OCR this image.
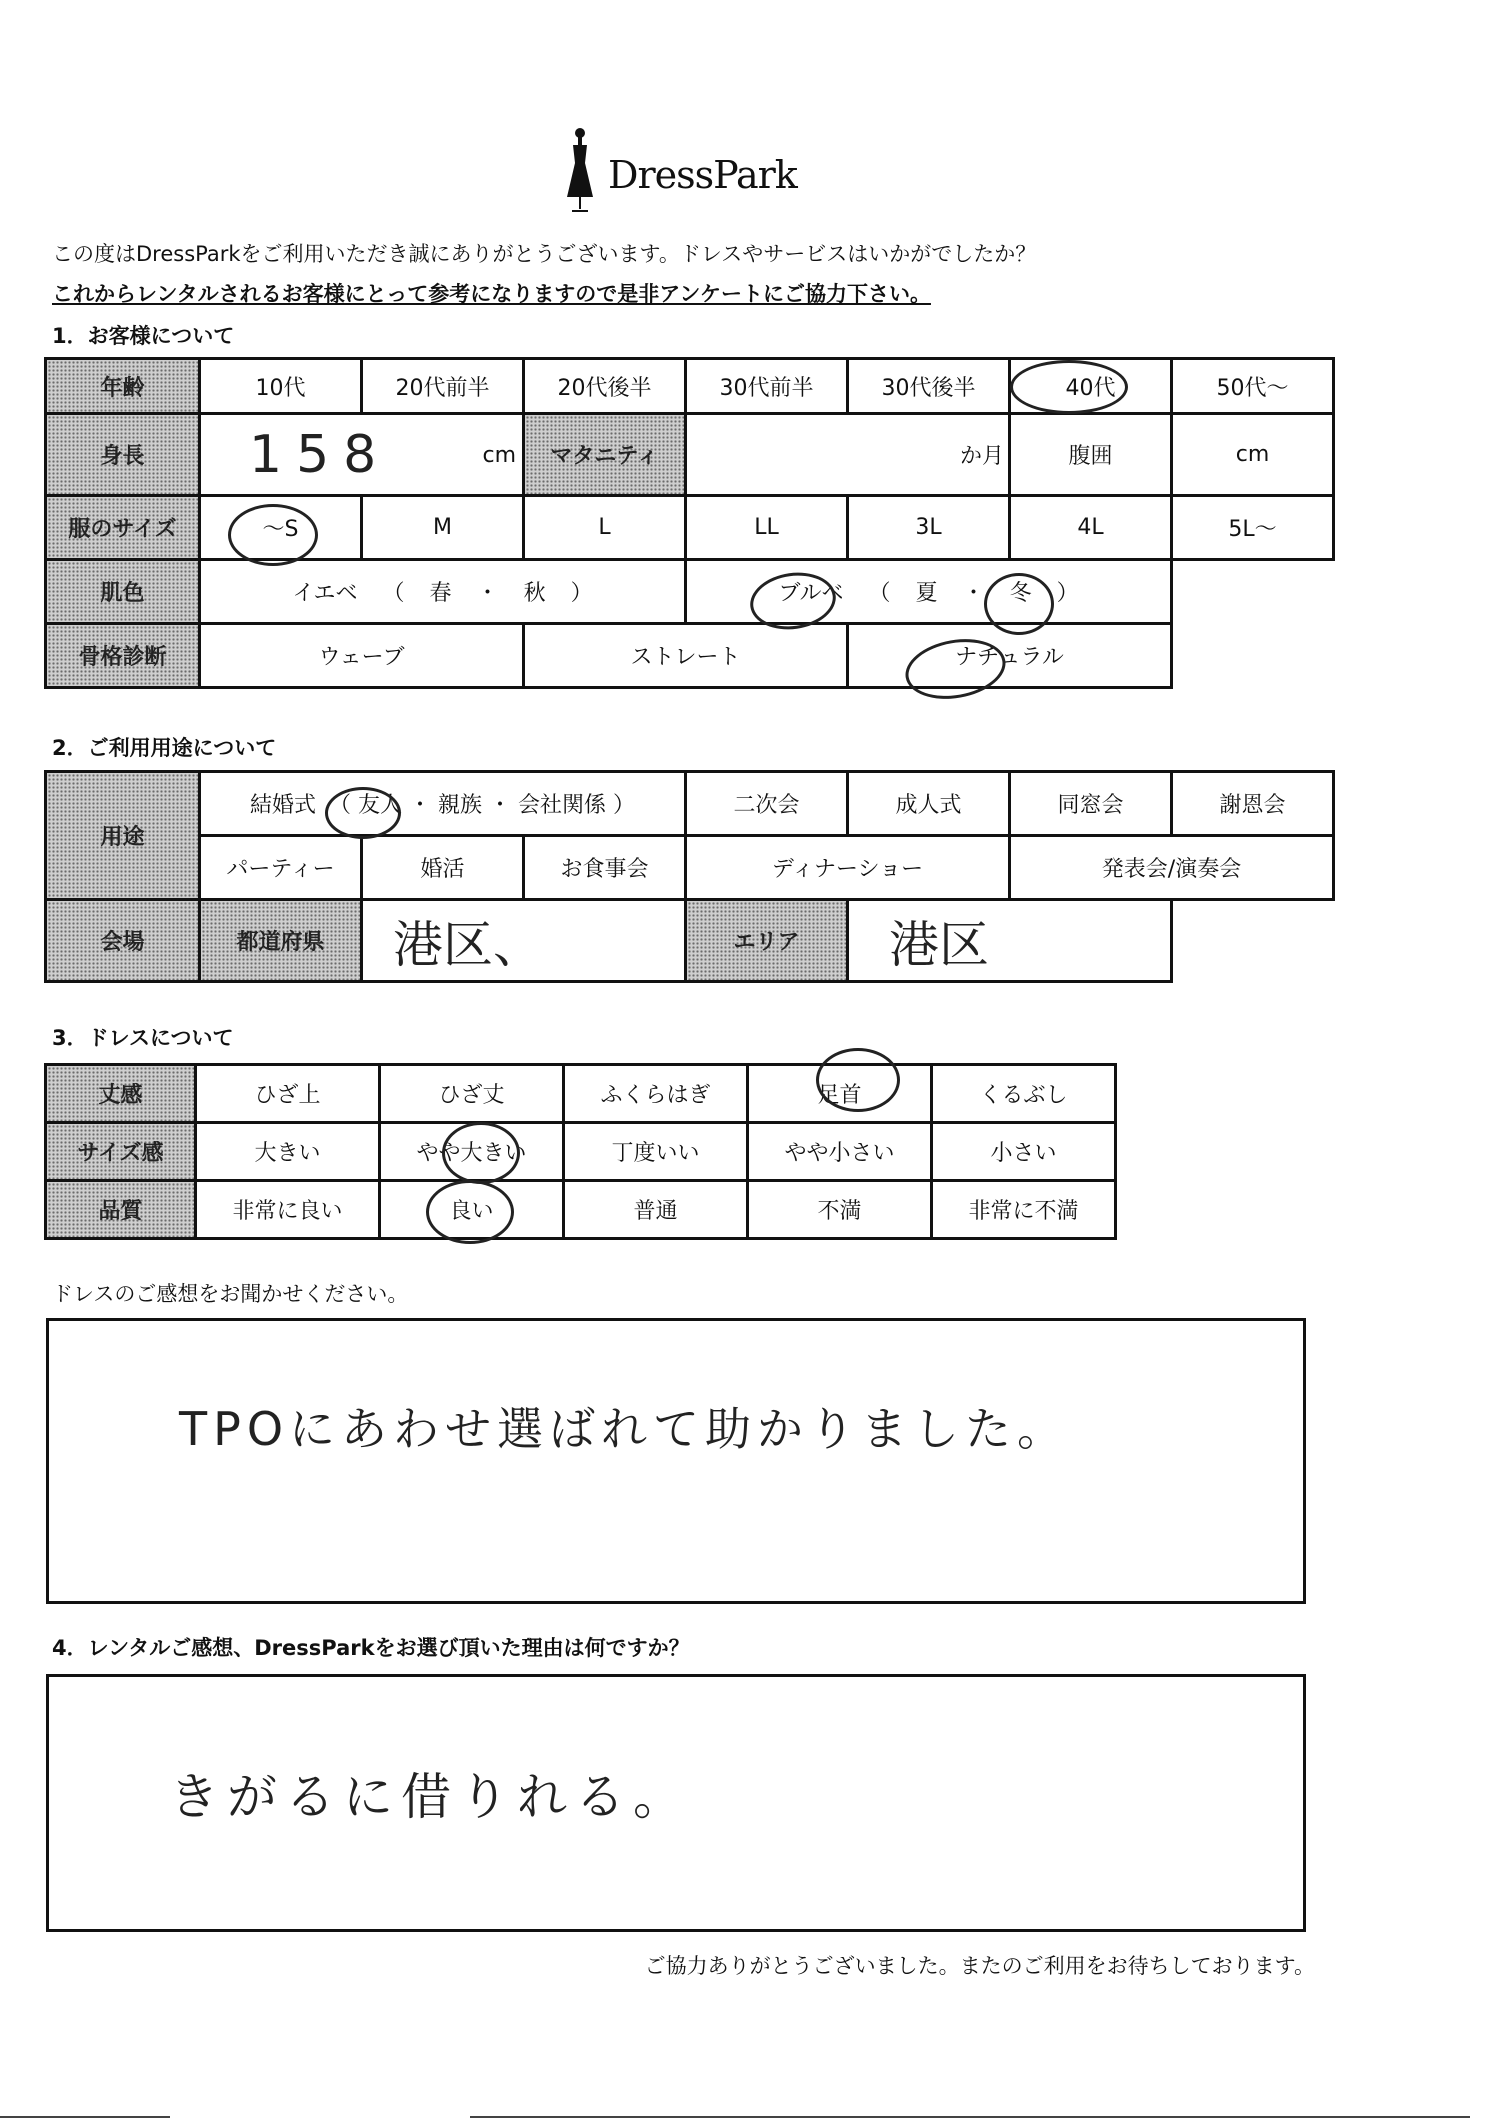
DressPark
この度はDressParkをご利用いただき誠にありがとうございます。ドレスやサービスはいかがでしたか？
これからレンタルされるお客様にとって参考になりますので是非アンケートにご協力下さい。
1．お客様について
年齢	10代	20代前半	20代後半	30代前半	30代後半	40代	50代～
身長	158 cm		マタニティ	か月		腹囲	cm
服のサイズ	～S	M	L	LL	3L	4L	5L～
肌色	イエベ （ 春 ・ 秋 ）			ブルベ （ 夏 ・ 冬 ）			
骨格診断	ウェーブ		ストレート		ナチュラル		
2．ご利用用途について
用途	結婚式 （ 友人 ・ 親族 ・ 会社関係 ）			二次会	成人式	同窓会	謝恩会
	パーティー	婚活	お食事会	ディナーショー		発表会/演奏会	
会場	都道府県	港区、		エリア	港区		
3．ドレスについて
丈感	ひざ上	ひざ丈	ふくらはぎ	足首	くるぶし
サイズ感	大きい	やや大きい	丁度いい	やや小さい	小さい
品質	非常に良い	良い	普通	不満	非常に不満
ドレスのご感想をお聞かせください。
TPOにあわせ選ばれて助かりました。
4．レンタルご感想、DressParkをお選び頂いた理由は何ですか？
きがるに借りれる。
ご協力ありがとうございました。またのご利用をお待ちしております。
